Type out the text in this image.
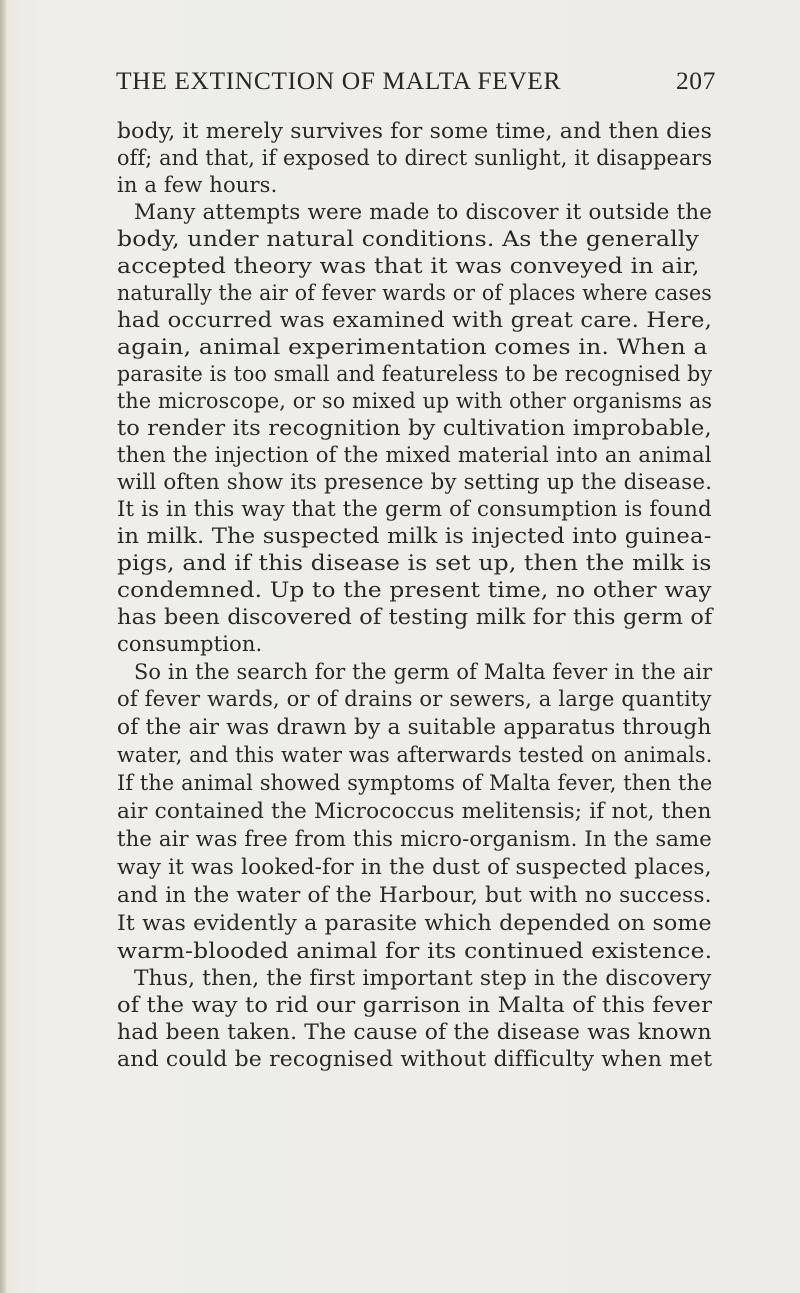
THE EXTINCTION OF MALTA FEVER	207
body, it merely survives for some time, and then dies
off; and that, if exposed to direct sunlight, it disappears
in a few hours.
Many attempts were made to discover it outside the
body, under natural conditions. As the generally
accepted theory was that it was conveyed in air,
naturally the air of fever wards or of places where cases
had occurred was examined with great care. Here,
again, animal experimentation comes in. When a
parasite is too small and featureless to be recognised by
the microscope, or so mixed up with other organisms as
to render its recognition by cultivation improbable,
then the injection of the mixed material into an animal
will often show its presence by setting up the disease.
It is in this way that the germ of consumption is found
in milk. The suspected milk is injected into guinea-
pigs, and if this disease is set up, then the milk is
condemned. Up to the present time, no other way
has been discovered of testing milk for this germ of
consumption.
So in the search for the germ of Malta fever in the air
of fever wards, or of drains or sewers, a large quantity
of the air was drawn by a suitable apparatus through
water, and this water was afterwards tested on animals.
If the animal showed symptoms of Malta fever, then the
air contained the Micrococcus melitensis; if not, then
the air was free from this micro-organism. In the same
way it was looked-for in the dust of suspected places,
and in the water of the Harbour, but with no success.
It was evidently a parasite which depended on some
warm-blooded animal for its continued existence.
Thus, then, the first important step in the discovery
of the way to rid our garrison in Malta of this fever
had been taken. The cause of the disease was known
and could be recognised without difficulty when met
